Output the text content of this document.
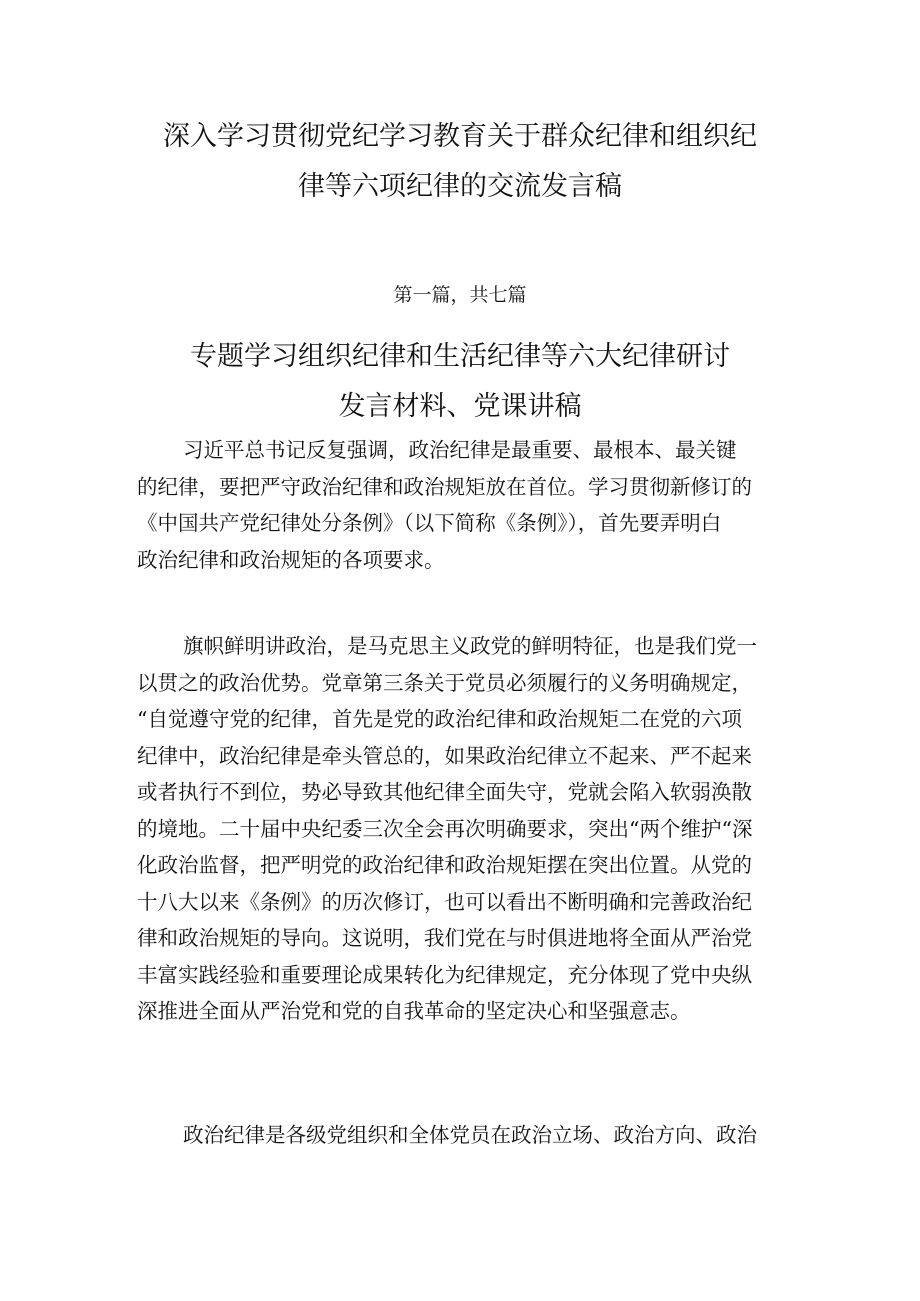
深入学习贯彻党纪学习教育关于群众纪律和组织纪
律等六项纪律的交流发言稿

第一篇，共七篇

专题学习组织纪律和生活纪律等六大纪律研讨
发言材料、党课讲稿

习近平总书记反复强调，政治纪律是最重要、最根本、最关键
的纪律，要把严守政治纪律和政治规矩放在首位。学习贯彻新修订的
《中国共产党纪律处分条例》（以下简称《条例》），首先要弄明白
政治纪律和政治规矩的各项要求。

旗帜鲜明讲政治，是马克思主义政党的鲜明特征，也是我们党一
以贯之的政治优势。党章第三条关于党员必须履行的义务明确规定，
“自觉遵守党的纪律，首先是党的政治纪律和政治规矩二在党的六项
纪律中，政治纪律是牵头管总的，如果政治纪律立不起来、严不起来
或者执行不到位，势必导致其他纪律全面失守，党就会陷入软弱涣散
的境地。二十届中央纪委三次全会再次明确要求，突出“两个维护“深
化政治监督，把严明党的政治纪律和政治规矩摆在突出位置。从党的
十八大以来《条例》的历次修订，也可以看出不断明确和完善政治纪
律和政治规矩的导向。这说明，我们党在与时俱进地将全面从严治党
丰富实践经验和重要理论成果转化为纪律规定，充分体现了党中央纵
深推进全面从严治党和党的自我革命的坚定决心和坚强意志。

政治纪律是各级党组织和全体党员在政治立场、政治方向、政治
